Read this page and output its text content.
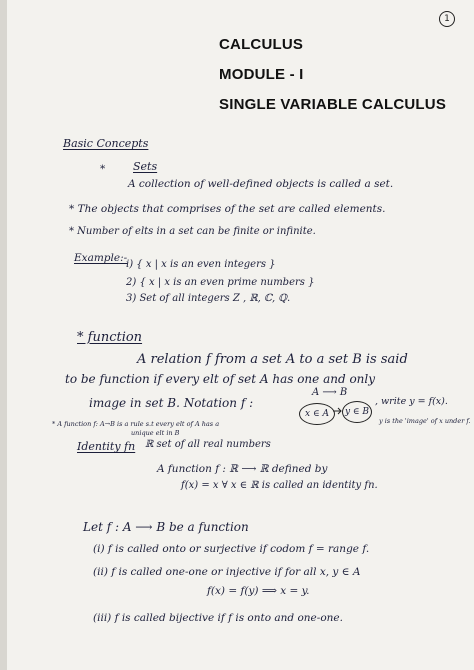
1
CALCULUS
MODULE - I
SINGLE VARIABLE CALCULUS
Basic Concepts
*	Sets
A collection of well-defined objects is called a set.
* The objects that comprises of the set are called elements.
* Number of elts in a set can be finite or infinite.
Example:-
i) { x | x is an even integers }
2) { x | x is an even prime numbers }
3) Set of all integers Z , ℝ, ℂ, ℚ.
* function
A relation f from a set A to a set B is said
to be function if every elt of set A has one and only
image in set B. Notation f :
A ⟶ B
x ∈ A	y ∈ B
, write y = f(x).
* A function f: A→B is a rule s.t every elt of A has a
unique elt in B
y is the 'image' of x under f.
Identity fn ℝ set of all real numbers
A function f : ℝ ⟶ ℝ defined by
f(x) = x ∀ x ∈ ℝ is called an identity fn.
Let f : A ⟶ B be a function
(i) f is called onto or surjective if codom f = range f.
(ii) f is called one-one or injective if for all x, y ∈ A
f(x) = f(y) ⟹ x = y.
(iii) f is called bijective if f is onto and one-one.
